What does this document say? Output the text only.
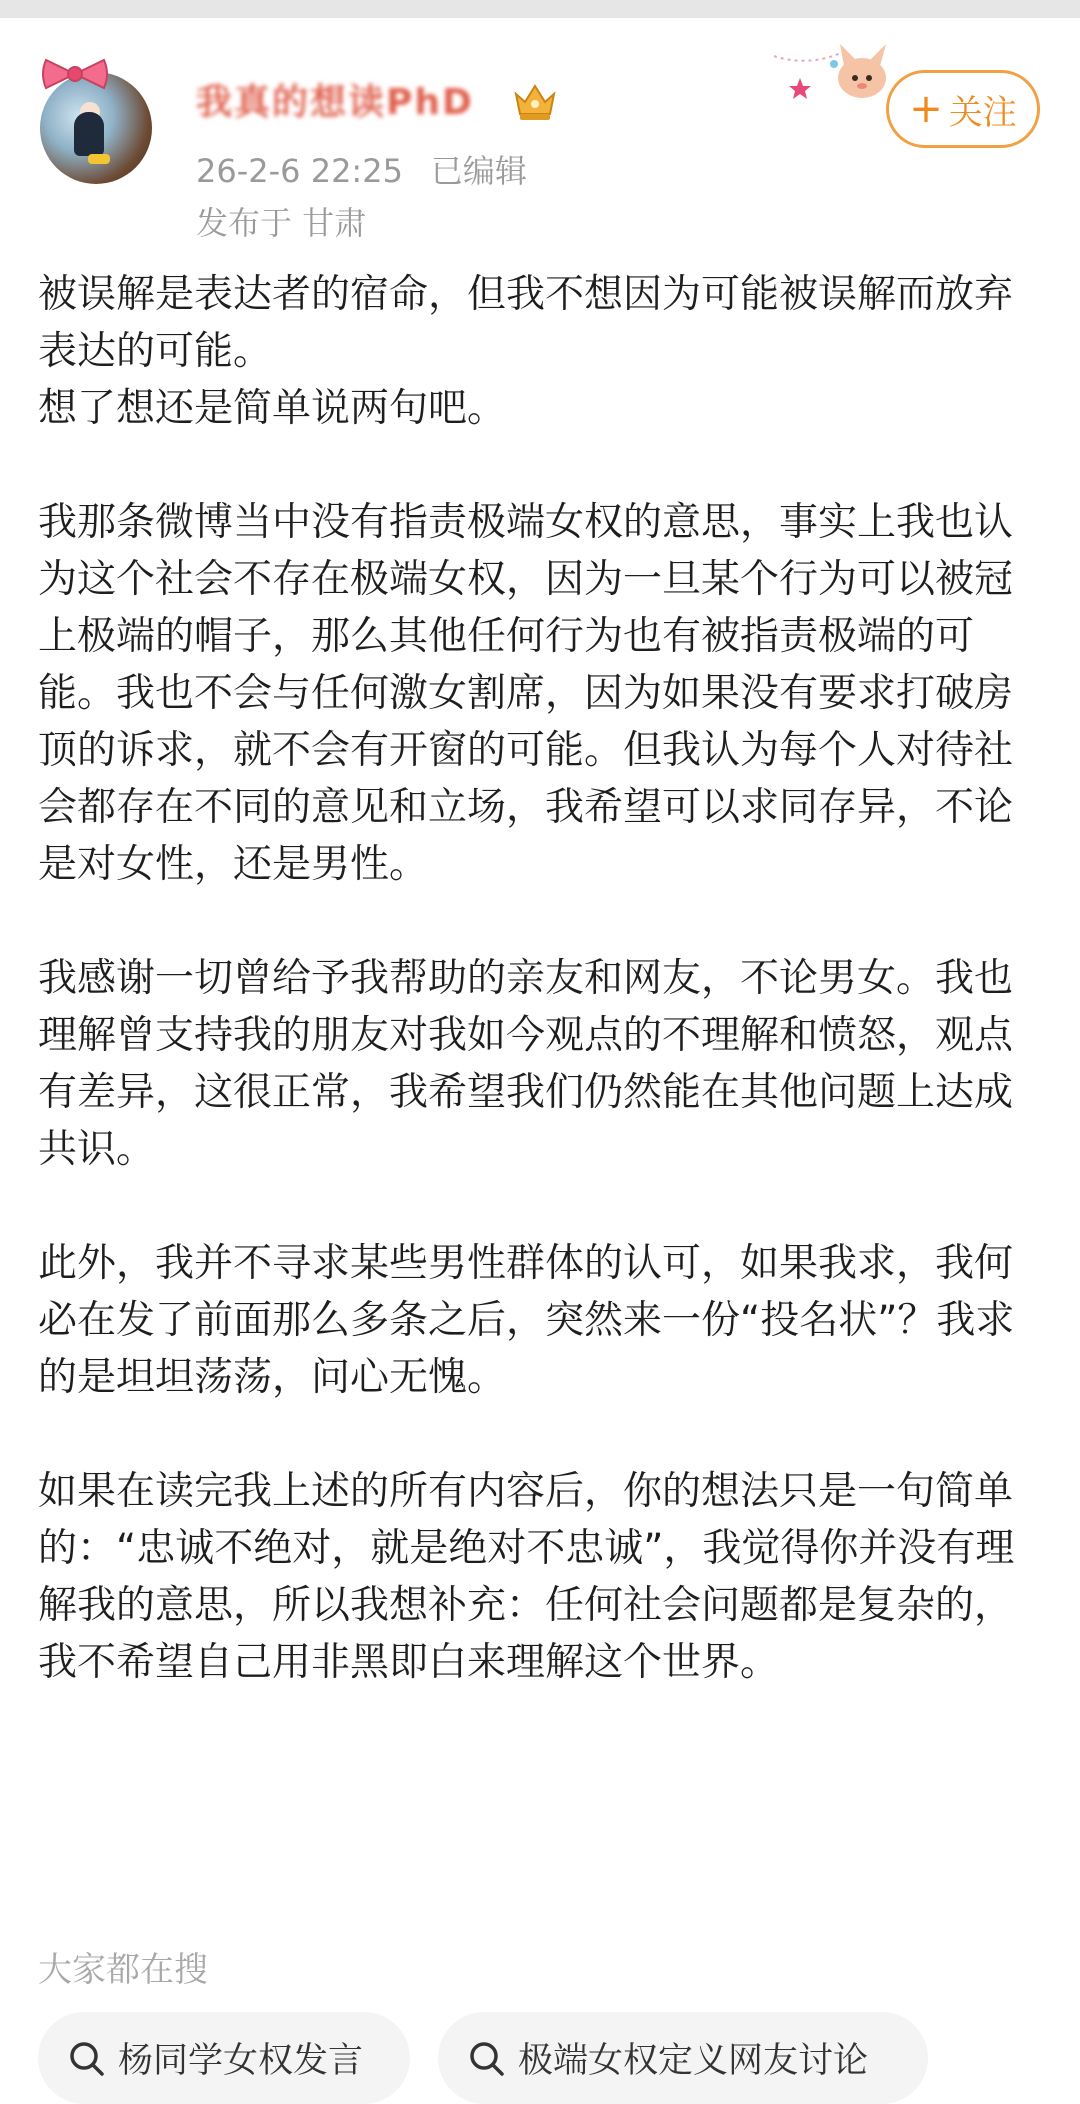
我真的想读PhD
26-2-6 22:25 已编辑
发布于 甘肃
+ 关注

被误解是表达者的宿命，但我不想因为可能被误解而放弃表达的可能。
想了想还是简单说两句吧。

我那条微博当中没有指责极端女权的意思，事实上我也认为这个社会不存在极端女权，因为一旦某个行为可以被冠上极端的帽子，那么其他任何行为也有被指责极端的可能。我也不会与任何激女割席，因为如果没有要求打破房顶的诉求，就不会有开窗的可能。但我认为每个人对待社会都存在不同的意见和立场，我希望可以求同存异，不论是对女性，还是男性。

我感谢一切曾给予我帮助的亲友和网友，不论男女。我也理解曾支持我的朋友对我如今观点的不理解和愤怒，观点有差异，这很正常，我希望我们仍然能在其他问题上达成共识。

此外，我并不寻求某些男性群体的认可，如果我求，我何必在发了前面那么多条之后，突然来一份“投名状”？我求的是坦坦荡荡，问心无愧。

如果在读完我上述的所有内容后，你的想法只是一句简单的：“忠诚不绝对，就是绝对不忠诚”，我觉得你并没有理解我的意思，所以我想补充：任何社会问题都是复杂的，我不希望自己用非黑即白来理解这个世界。

大家都在搜
杨同学女权发言	极端女权定义网友讨论
